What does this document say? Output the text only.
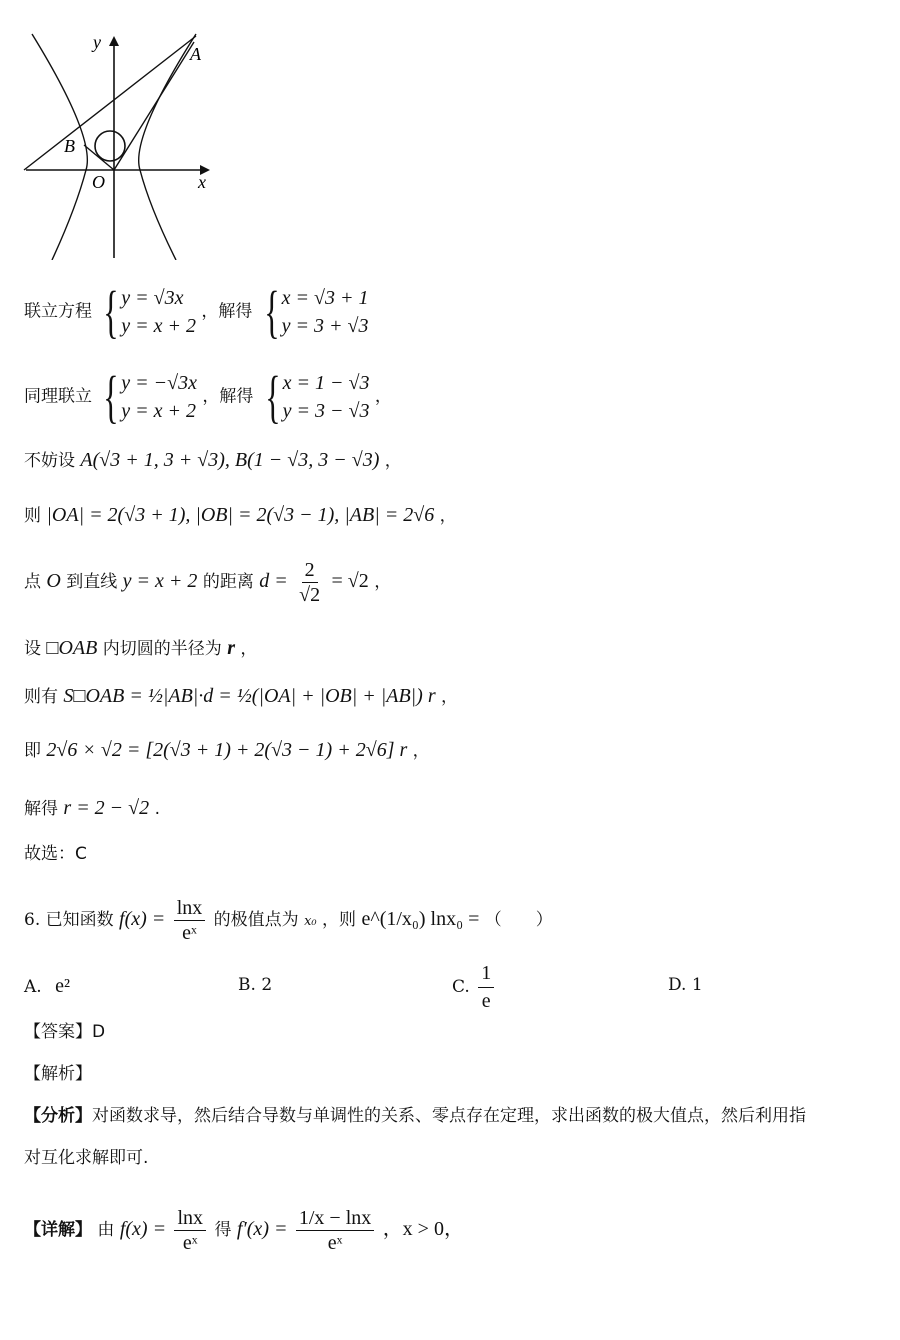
y
A
B
O	x
联立方程 { y = √3x
y = x + 2
，解得 { x = √3 + 1
y = 3 + √3
同理联立 { y = −√3x
y = x + 2
，解得 { x = 1 − √3
y = 3 − √3
，
不妨设 A(√3 + 1, 3 + √3), B(1 − √3, 3 − √3) ，
则 |OA| = 2(√3 + 1), |OB| = 2(√3 − 1), |AB| = 2√6 ，
点 O 到直线 y = x + 2 的距离 $d = \frac{2}{√2} = √2$ ，
设 □OAB 内切圆的半径为 r ，
则有 S□OAB = ½|AB|·d = ½(|OA| + |OB| + |AB|) r ，
即 2√6 × √2 = [2(√3 + 1) + 2(√3 − 1) + 2√6] r ，
解得 r = 2 − √2 .
故选：C
6. 已知函数 $f(x) = \frac{\ln x}{\text{eˣ}}$ 的极值点为 x₀ ，则 e^(1/x₀) lnx₀ = （　　）
A. e²	B. 2	C. $\frac{1}{e}$	D. 1
【答案】D
【解析】
【分析】对函数求导，然后结合导数与单调性的关系、零点存在定理，求出函数的极大值点，然后利用指
对互化求解即可.
【详解】 由 $f(x) = \frac{\ln x}{\text{eˣ}}$ 得 $f'(x) = \frac{1/x - \ln x}{\text{eˣ}}$ ，x > 0，
